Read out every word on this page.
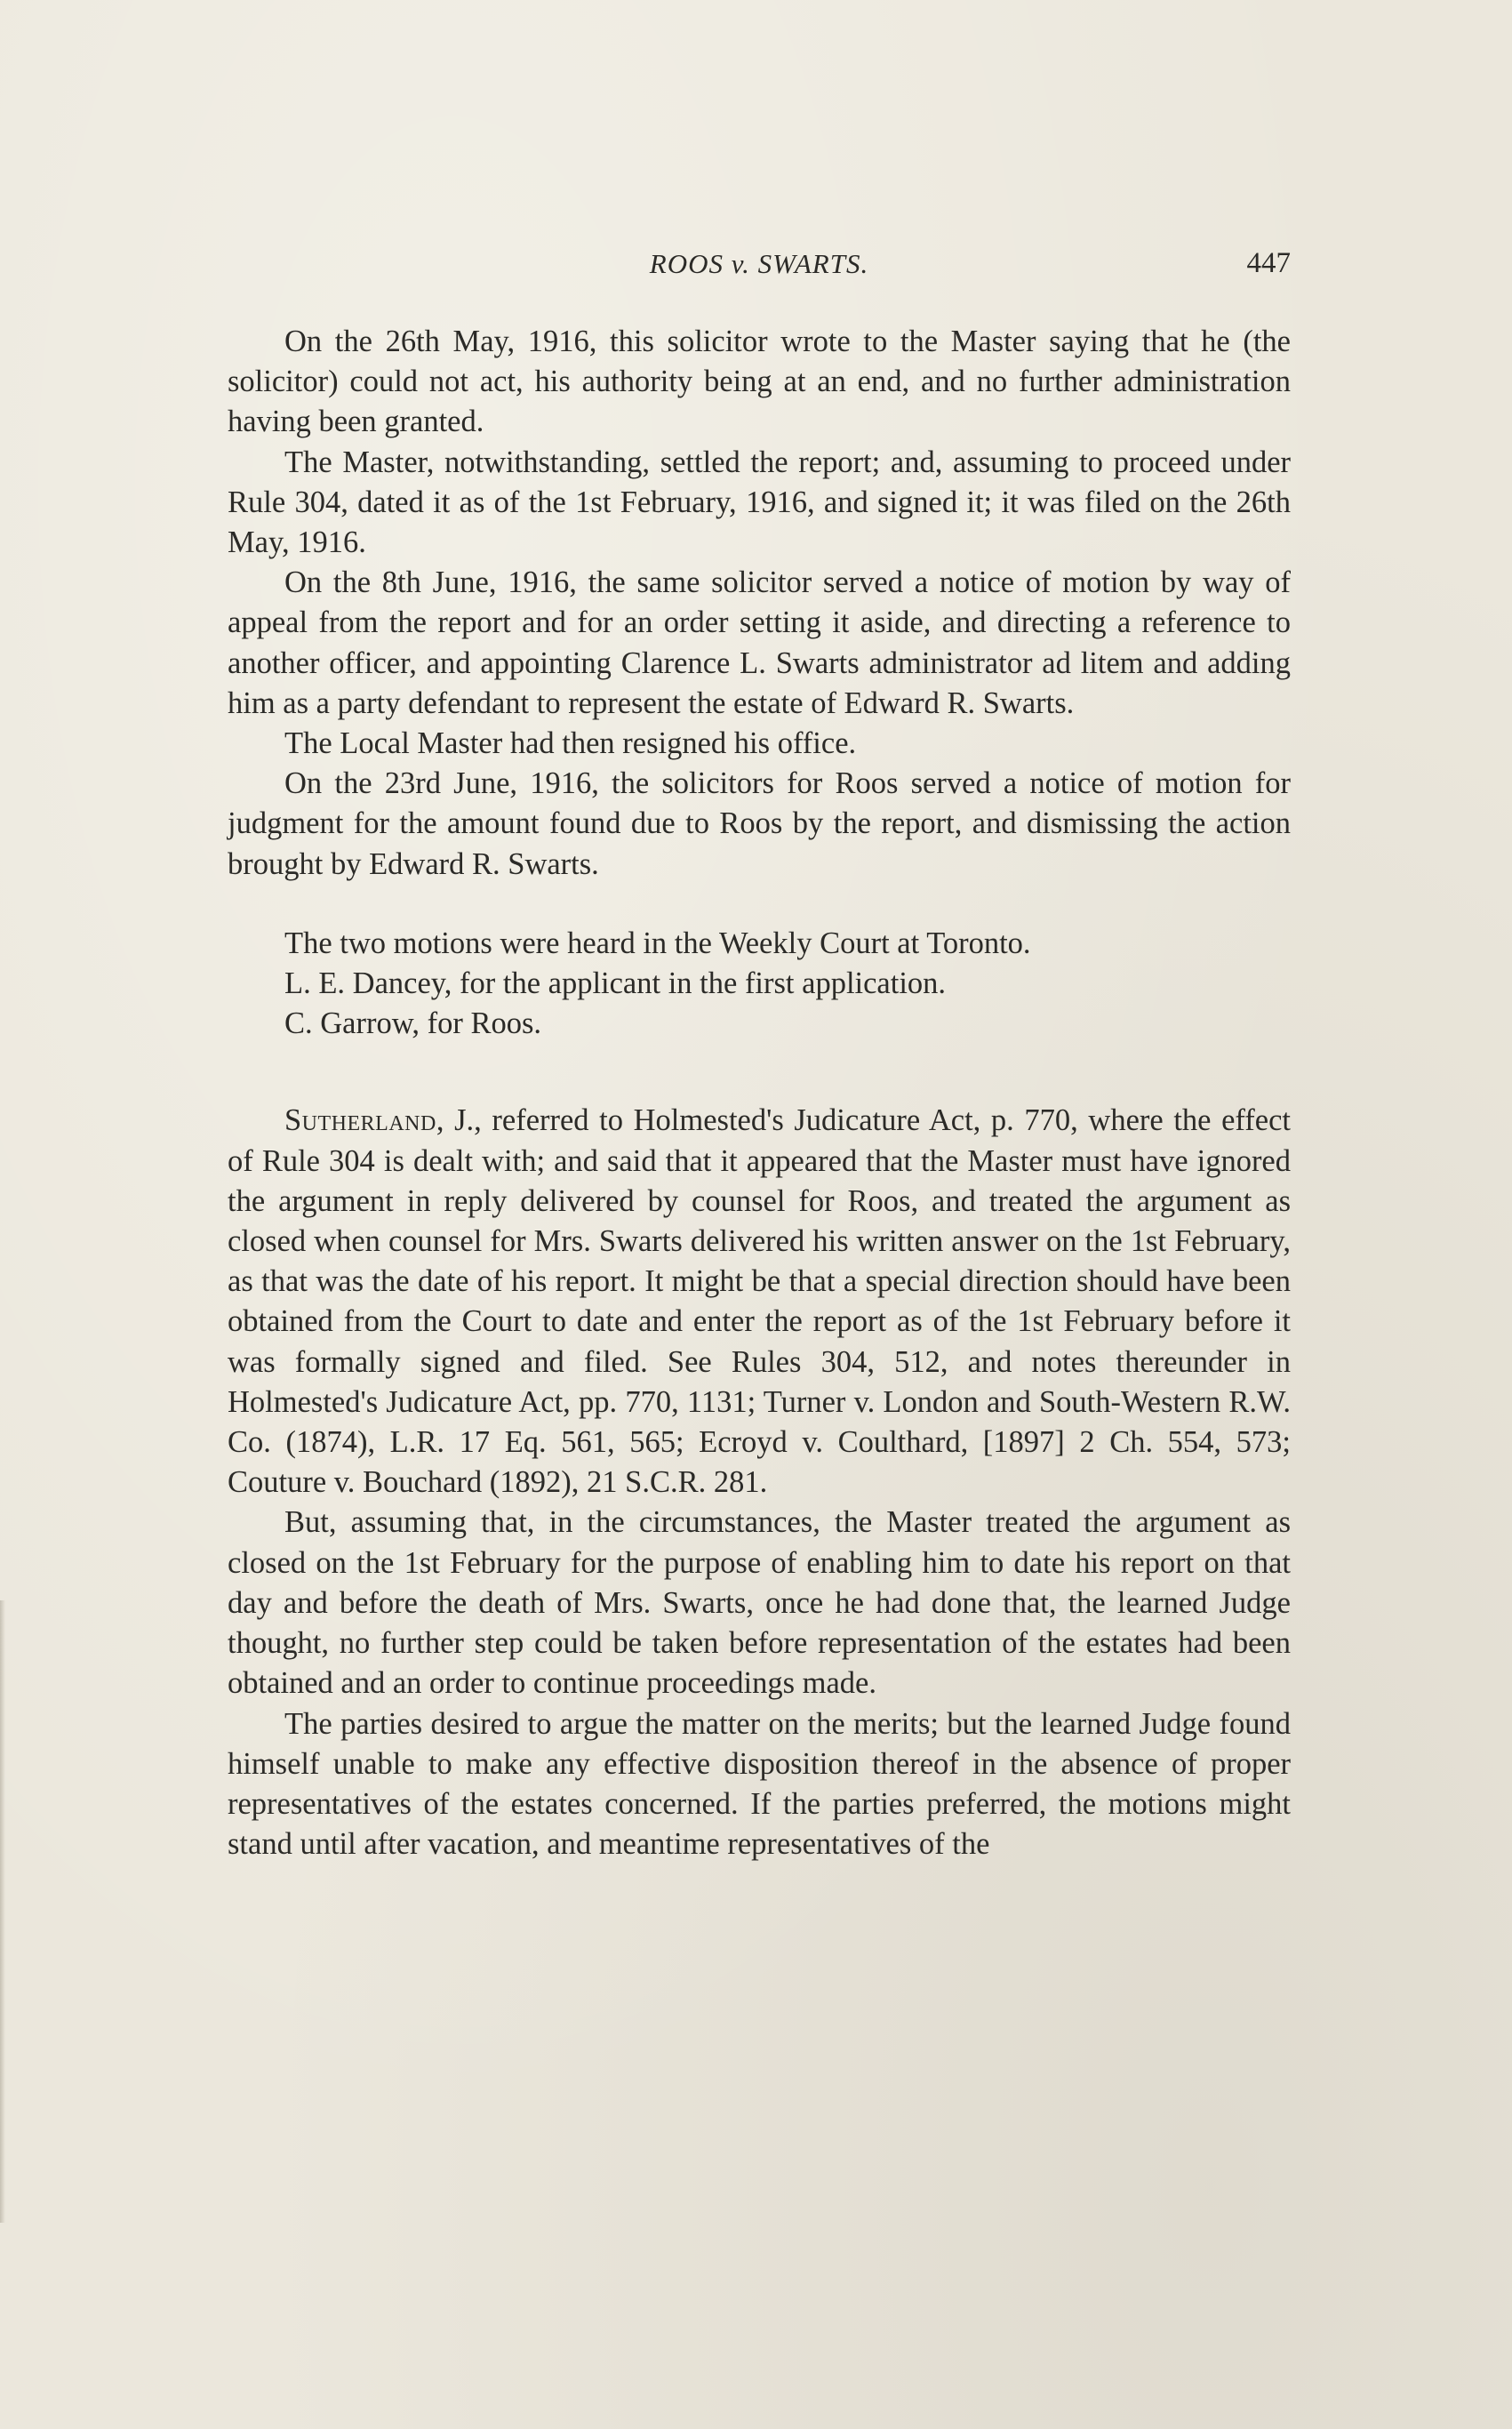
ROOS v. SWARTS.	447

On the 26th May, 1916, this solicitor wrote to the Master saying that he (the solicitor) could not act, his authority being at an end, and no further administration having been granted.

The Master, notwithstanding, settled the report; and, assuming to proceed under Rule 304, dated it as of the 1st February, 1916, and signed it; it was filed on the 26th May, 1916.

On the 8th June, 1916, the same solicitor served a notice of motion by way of appeal from the report and for an order setting it aside, and directing a reference to another officer, and appointing Clarence L. Swarts administrator ad litem and adding him as a party defendant to represent the estate of Edward R. Swarts.

The Local Master had then resigned his office.

On the 23rd June, 1916, the solicitors for Roos served a notice of motion for judgment for the amount found due to Roos by the report, and dismissing the action brought by Edward R. Swarts.

The two motions were heard in the Weekly Court at Toronto.

L. E. Dancey, for the applicant in the first application.

C. Garrow, for Roos.

Sutherland, J., referred to Holmested's Judicature Act, p. 770, where the effect of Rule 304 is dealt with; and said that it appeared that the Master must have ignored the argument in reply delivered by counsel for Roos, and treated the argument as closed when counsel for Mrs. Swarts delivered his written answer on the 1st February, as that was the date of his report. It might be that a special direction should have been obtained from the Court to date and enter the report as of the 1st February before it was formally signed and filed. See Rules 304, 512, and notes thereunder in Holmested's Judicature Act, pp. 770, 1131; Turner v. London and South-Western R.W. Co. (1874), L.R. 17 Eq. 561, 565; Ecroyd v. Coulthard, [1897] 2 Ch. 554, 573; Couture v. Bouchard (1892), 21 S.C.R. 281.

But, assuming that, in the circumstances, the Master treated the argument as closed on the 1st February for the purpose of enabling him to date his report on that day and before the death of Mrs. Swarts, once he had done that, the learned Judge thought, no further step could be taken before representation of the estates had been obtained and an order to continue proceedings made.

The parties desired to argue the matter on the merits; but the learned Judge found himself unable to make any effective disposition thereof in the absence of proper representatives of the estates concerned. If the parties preferred, the motions might stand until after vacation, and meantime representatives of the
